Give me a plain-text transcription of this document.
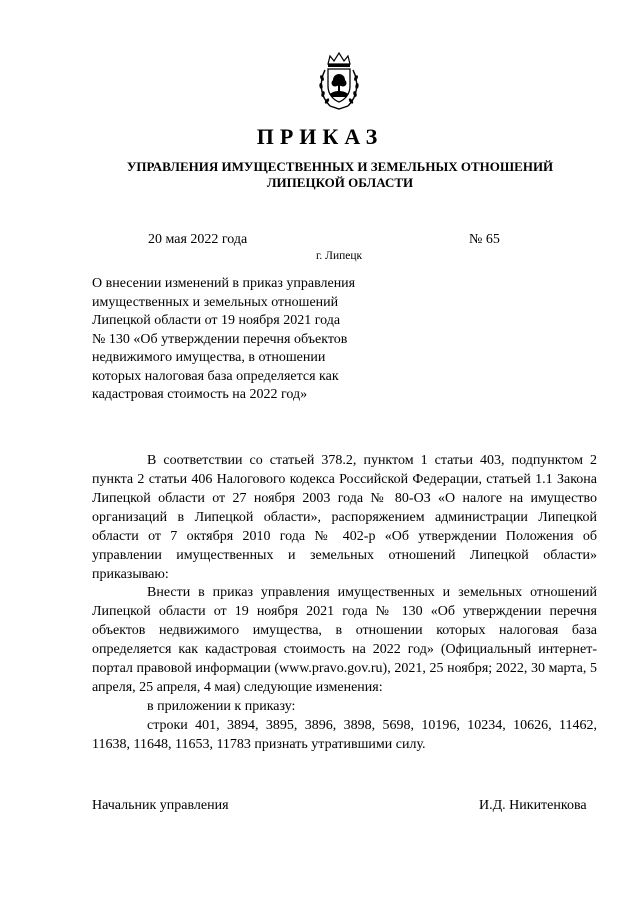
ПРИКАЗ
УПРАВЛЕНИЯ ИМУЩЕСТВЕННЫХ И ЗЕМЕЛЬНЫХ ОТНОШЕНИЙ
ЛИПЕЦКОЙ ОБЛАСТИ
20 мая 2022 года	№ 65
г. Липецк
О внесении изменений в приказ управления
имущественных и земельных отношений
Липецкой области от 19 ноября 2021 года
№ 130 «Об утверждении перечня объектов
недвижимого имущества, в отношении
которых налоговая база определяется как
кадастровая стоимость на 2022 год»

В соответствии со статьей 378.2, пунктом 1 статьи 403, подпунктом 2 пункта 2 статьи 406 Налогового кодекса Российской Федерации, статьей 1.1 Закона Липецкой области от 27 ноября 2003 года № 80-ОЗ «О налоге на имущество организаций в Липецкой области», распоряжением администрации Липецкой области от 7 октября 2010 года № 402-р «Об утверждении Положения об управлении имущественных и земельных отношений Липецкой области» приказываю:

Внести в приказ управления имущественных и земельных отношений Липецкой области от 19 ноября 2021 года № 130 «Об утверждении перечня объектов недвижимого имущества, в отношении которых налоговая база определяется как кадастровая стоимость на 2022 год» (Официальный интернет-портал правовой информации (www.pravo.gov.ru), 2021, 25 ноября; 2022, 30 марта, 5 апреля, 25 апреля, 4 мая) следующие изменения:

в приложении к приказу:

строки 401, 3894, 3895, 3896, 3898, 5698, 10196, 10234, 10626, 11462, 11638, 11648, 11653, 11783 признать утратившими силу.

Начальник управления	И.Д. Никитенкова
